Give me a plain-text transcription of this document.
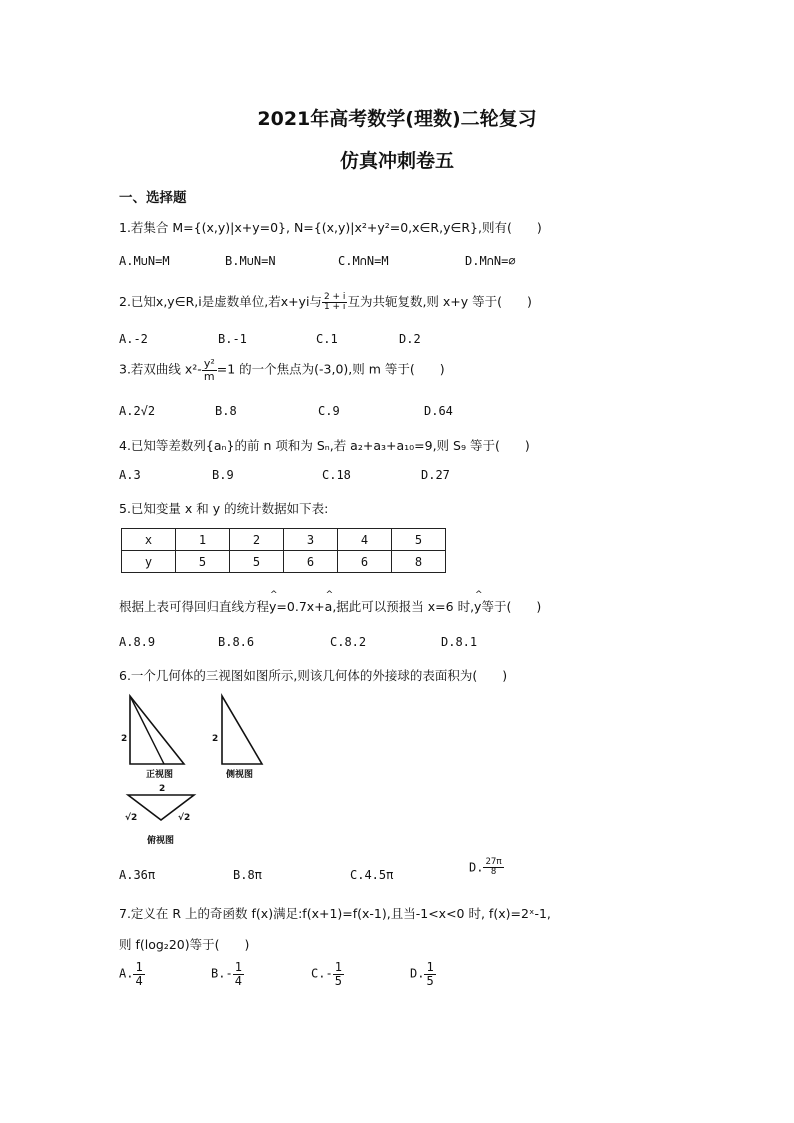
2021年高考数学(理数)二轮复习
仿真冲刺卷五
一、选择题
1.若集合 M={(x,y)|x+y=0}, N={(x,y)|x²+y²=0,x∈R,y∈R},则有(　　)
A.M∪N=M	B.M∪N=N	C.M∩N=M	D.M∩N=∅
2.已知x,y∈R,i是虚数单位,若x+yi与 $\frac{2 + i}{1 + i}$ 互为共轭复数,则 x+y 等于(　　)
A.-2	B.-1	C.1	D.2
3.若双曲线 $x^2- \frac{\text{y²}}{m} =1$ 的一个焦点为(-3,0),则 m 等于(　　)
A.2√2	B.8	C.9	D.64
4.已知等差数列{aₙ}的前 n 项和为 Sₙ,若 a₂+a₃+a₁₀=9,则 S₉ 等于(　　)
A.3	B.9	C.18	D.27
5.已知变量 x 和 y 的统计数据如下表:
x	1	2	3	4	5
y	5	5	6	6	8
根据上表可得回归直线方程^ y=0.7x+^ a,据此可以预报当 x=6 时,^ y等于(　　)
A.8.9	B.8.6	C.8.2	D.8.1
6.一个几何体的三视图如图所示,则该几何体的外接球的表面积为(　　)
2
正视图
2
侧视图
2
√2	√2
俯视图
A.36π	B.8π	C.4.5π
D. $\frac{27\pi}{8}$
7.定义在 R 上的奇函数 f(x)满足:f(x+1)=f(x-1),且当-1<x<0 时, f(x)=2ˣ-1,
则 f(log₂20)等于(　　)
A. $\frac{1}{4}$	$B.- \frac{1}{4}$	$C.- \frac{1}{5}$	D. $\frac{1}{5}$
